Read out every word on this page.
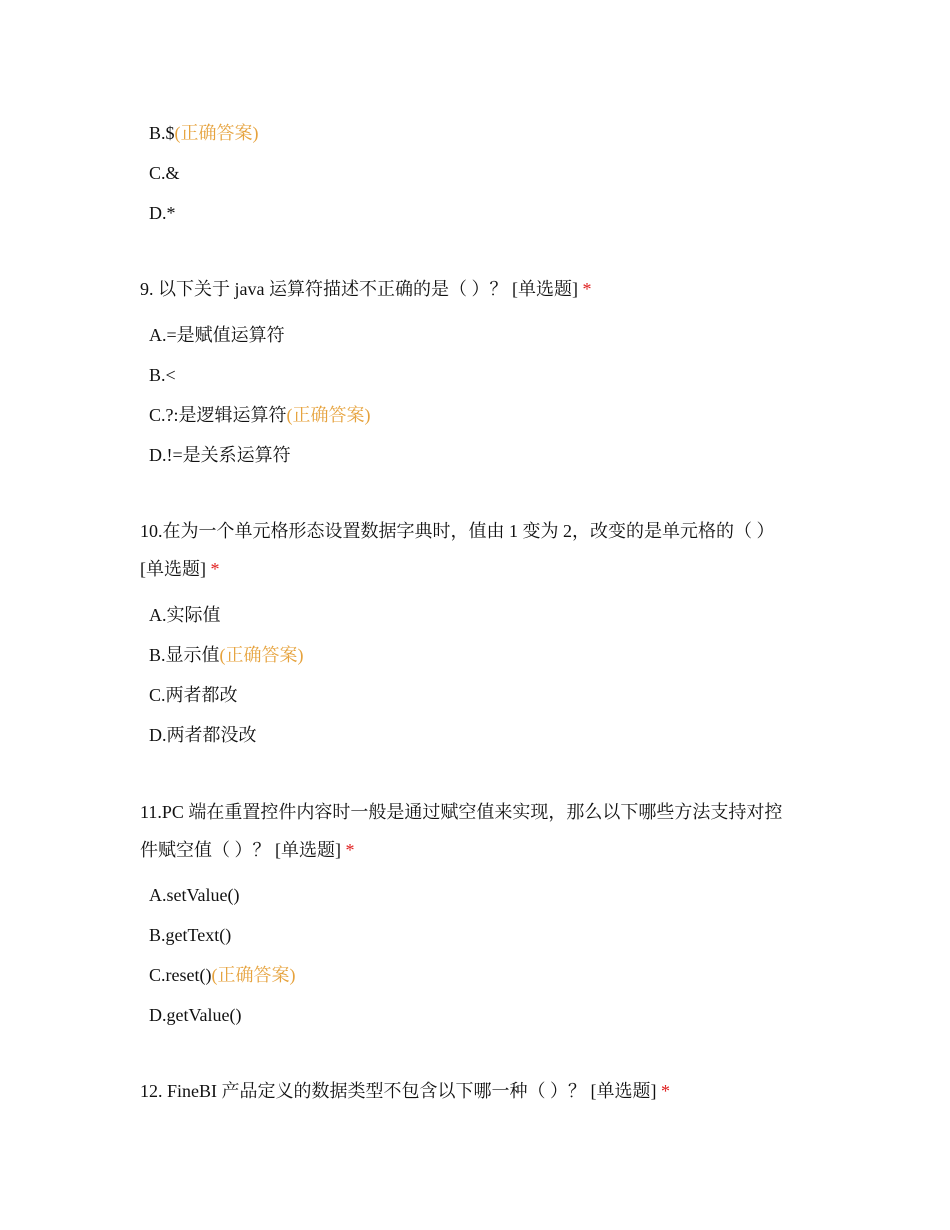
B.$(正确答案)
C.&
D.*
9. 以下关于 java 运算符描述不正确的是（ ）？ [单选题] *
A.=是赋值运算符
B.<
C.?:是逻辑运算符(正确答案)
D.!=是关系运算符
10.在为一个单元格形态设置数据字典时，值由 1 变为 2，改变的是单元格的（ ）
[单选题] *
A.实际值
B.显示值(正确答案)
C.两者都改
D.两者都没改
11.PC 端在重置控件内容时一般是通过赋空值来实现，那么以下哪些方法支持对控
件赋空值（ ）？ [单选题] *
A.setValue()
B.getText()
C.reset()(正确答案)
D.getValue()
12. FineBI 产品定义的数据类型不包含以下哪一种（ ）？ [单选题] *
